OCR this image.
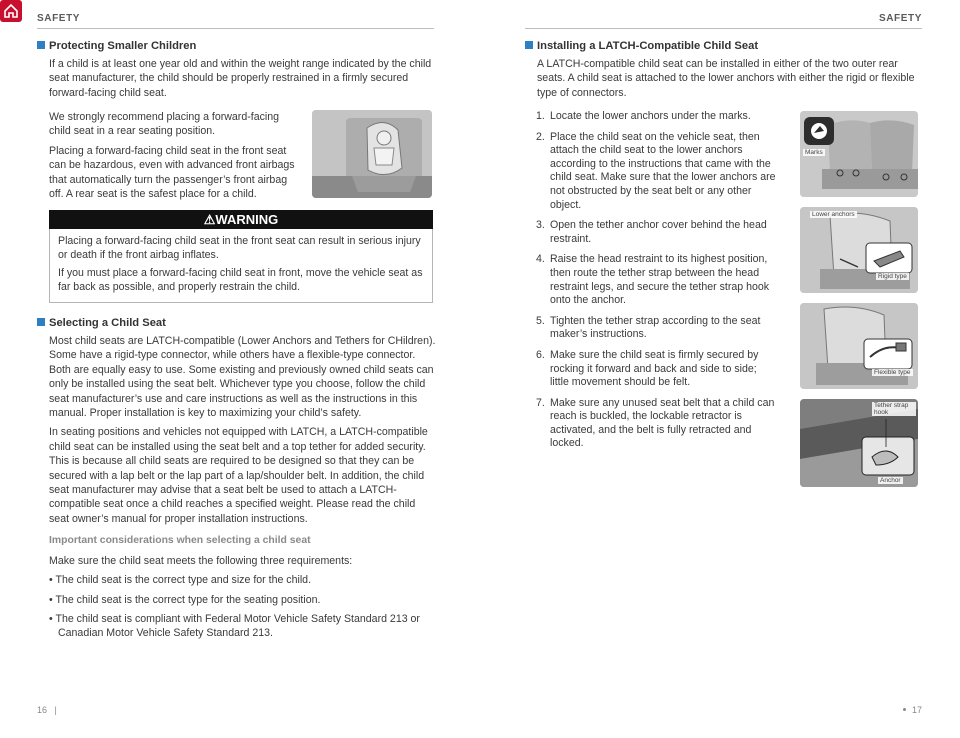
SAFETY	SAFETY
Protecting Smaller Children
If a child is at least one year old and within the weight range indicated by the child seat manufacturer, the child should be properly restrained in a firmly secured forward-facing child seat.

We strongly recommend placing a forward-facing child seat in a rear seating position.

Placing a forward-facing child seat in the front seat can be hazardous, even with advanced front airbags that automatically turn the passenger’s front airbag off. A rear seat is the safest place for a child.

⚠WARNING

Placing a forward-facing child seat in the front seat can result in serious injury or death if the front airbag inflates.

If you must place a forward-facing child seat in front, move the vehicle seat as far back as possible, and properly restrain the child.

Selecting a Child Seat

Most child seats are LATCH-compatible (Lower Anchors and Tethers for CHildren). Some have a rigid-type connector, while others have a flexible-type connector. Both are equally easy to use. Some existing and previously owned child seats can only be installed using the seat belt. Whichever type you choose, follow the child seat manufacturer’s use and care instructions as well as the instructions in this manual. Proper installation is key to maximizing your child’s safety.

In seating positions and vehicles not equipped with LATCH, a LATCH-compatible child seat can be installed using the seat belt and a top tether for added security. This is because all child seats are required to be designed so that they can be secured with a lap belt or the lap part of a lap/shoulder belt. In addition, the child seat manufacturer may advise that a seat belt be used to attach a LATCH-compatible seat once a child reaches a specified weight. Please read the child seat owner’s manual for proper installation instructions.

Important considerations when selecting a child seat

Make sure the child seat meets the following three requirements:

• The child seat is the correct type and size for the child.

• The child seat is the correct type for the seating position.

• The child seat is compliant with Federal Motor Vehicle Safety Standard 213 or Canadian Motor Vehicle Safety Standard 213.

Installing a LATCH-Compatible Child Seat
A LATCH-compatible child seat can be installed in either of the two outer rear seats. A child seat is attached to the lower anchors with either the rigid or flexible type of connectors.
1. Locate the lower anchors under the marks.
2. Place the child seat on the vehicle seat, then attach the child seat to the lower anchors according to the instructions that came with the child seat. Make sure that the lower anchors are not obstructed by the seat belt or any other object.
3. Open the tether anchor cover behind the head restraint.
4. Raise the head restraint to its highest position, then route the tether strap between the head restraint legs, and secure the tether strap hook onto the anchor.
5. Tighten the tether strap according to the seat maker’s instructions.
6. Make sure the child seat is firmly secured by rocking it forward and back and side to side; little movement should be felt.
7. Make sure any unused seat belt that a child can reach is buckled, the lockable retractor is activated, and the belt is fully retracted and locked.
Marks
Lower anchors
Rigid type
Flexible type
Tether strap hook
Anchor
16 |	17
